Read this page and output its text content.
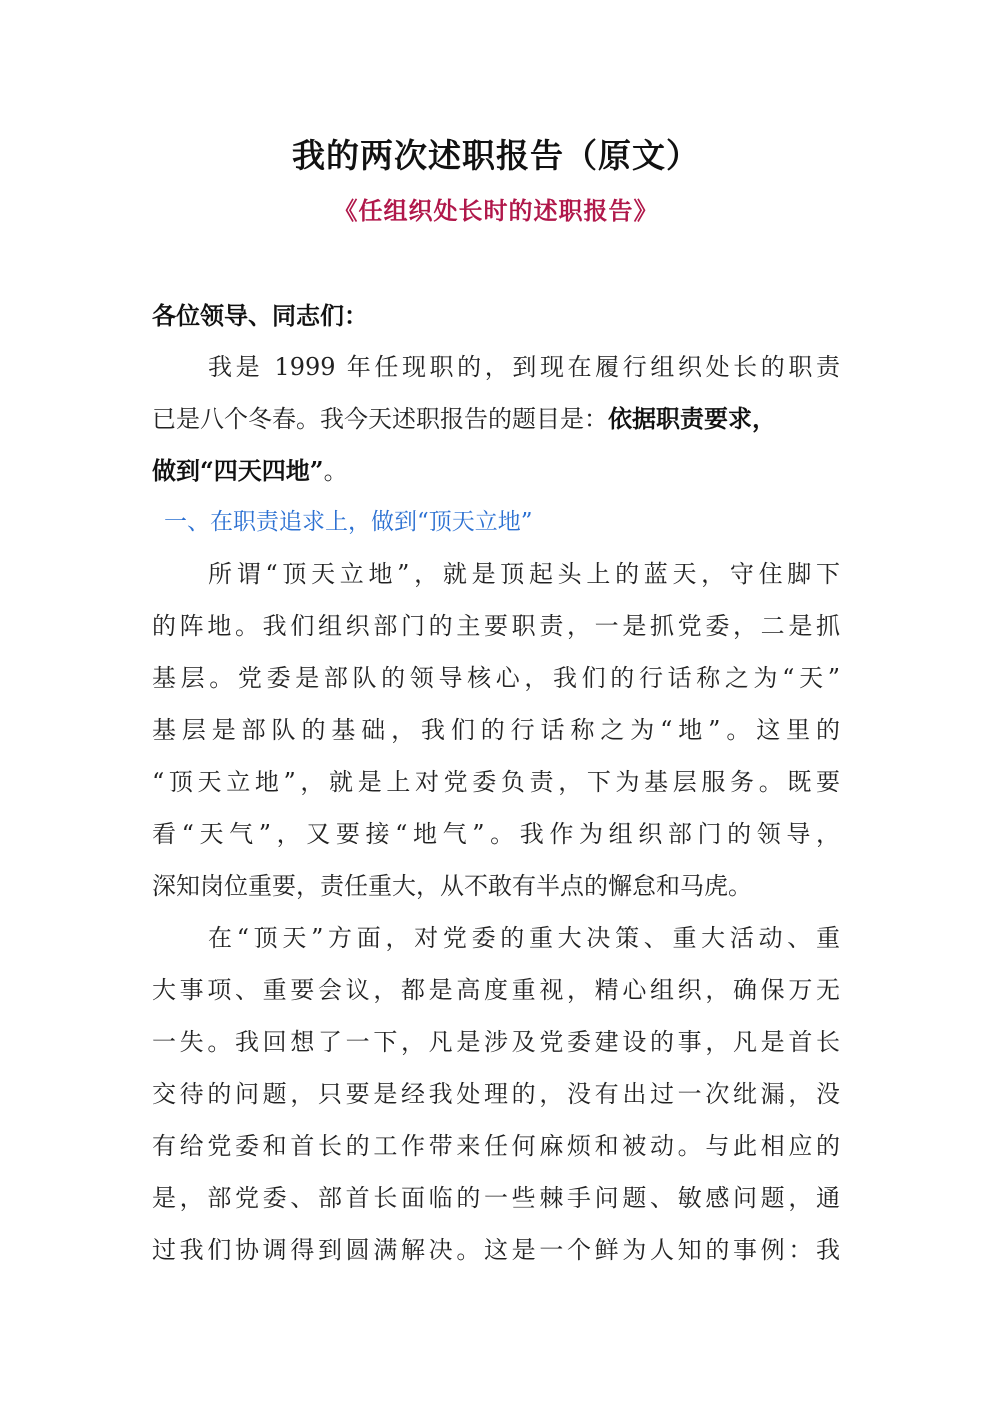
我的两次述职报告（原文）
《任组织处长时的述职报告》
各位领导、同志们：
我是 1999 年任现职的，到现在履行组织处长的职责
已是八个冬春。我今天述职报告的题目是：依据职责要求，
做到“四天四地”。
一、在职责追求上，做到“顶天立地”
所谓“顶天立地”，就是顶起头上的蓝天，守住脚下
的阵地。我们组织部门的主要职责，一是抓党委，二是抓
基层。党委是部队的领导核心，我们的行话称之为“天”
基层是部队的基础，我们的行话称之为“地”。这里的
“顶天立地”，就是上对党委负责，下为基层服务。既要
看“天气”，又要接“地气”。我作为组织部门的领导，
深知岗位重要，责任重大，从不敢有半点的懈怠和马虎。
在“顶天”方面，对党委的重大决策、重大活动、重
大事项、重要会议，都是高度重视，精心组织，确保万无
一失。我回想了一下，凡是涉及党委建设的事，凡是首长
交待的问题，只要是经我处理的，没有出过一次纰漏，没
有给党委和首长的工作带来任何麻烦和被动。与此相应的
是，部党委、部首长面临的一些棘手问题、敏感问题，通
过我们协调得到圆满解决。这是一个鲜为人知的事例：我
